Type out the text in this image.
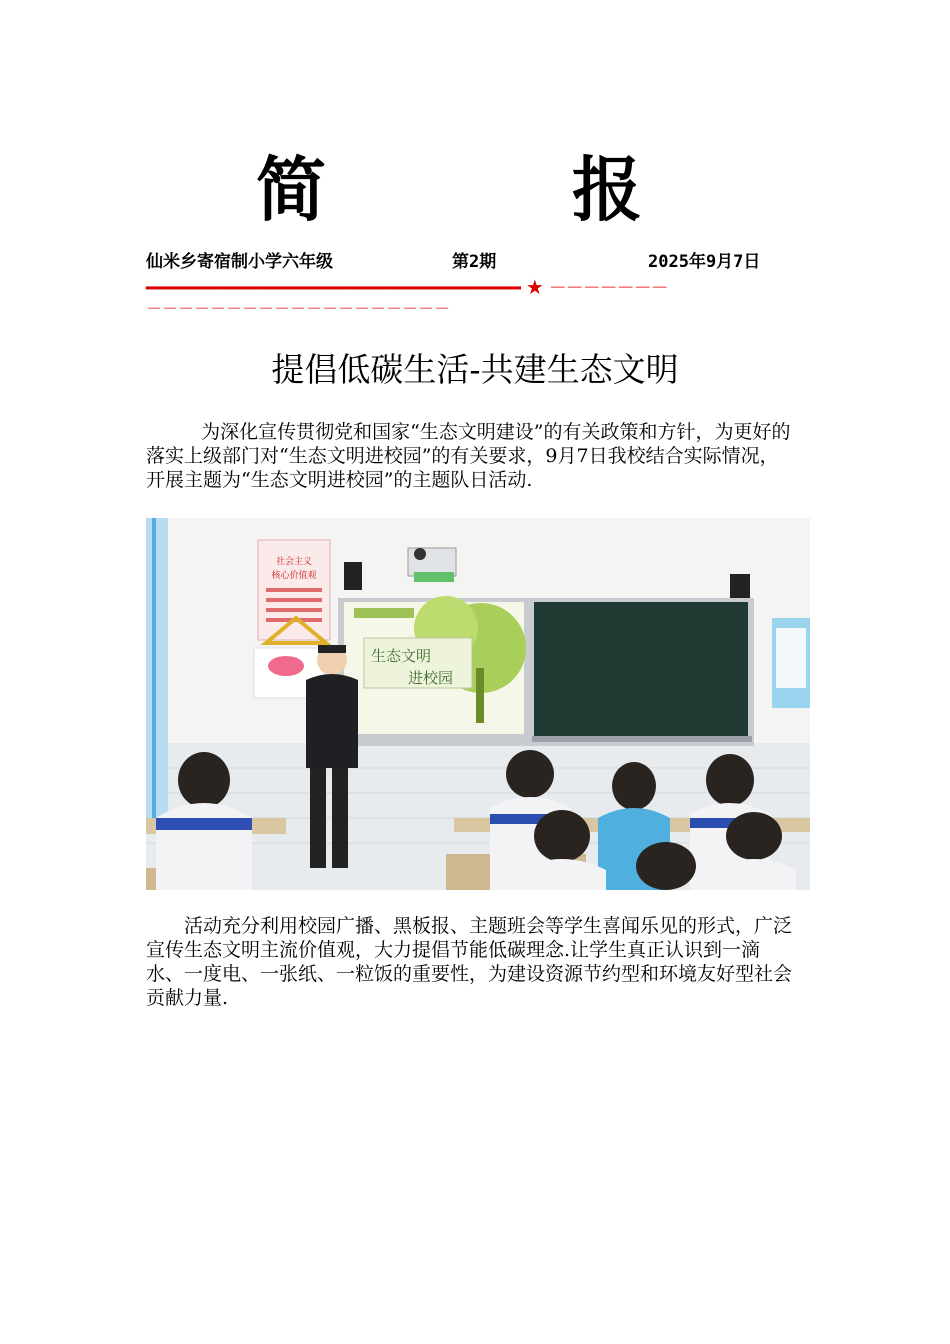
简　报
仙米乡寄宿制小学六年级	第2期	2025年9月7日
━━━━━━━━━━━━━━━━━━━━━━━━━━━━━━━━━━━━━━ ★ －－－－－－－
－－－－－－－－－－－－－－－－－－－
提倡低碳生活-共建生态文明

为深化宣传贯彻党和国家“生态文明建设”的有关政策和方针，为更好的落实上级部门对“生态文明进校园”的有关要求，9月7日我校结合实际情况，开展主题为“生态文明进校园”的主题队日活动.

社会主义
核心价值观
生态文明
进校园

活动充分利用校园广播、黑板报、主题班会等学生喜闻乐见的形式，广泛宣传生态文明主流价值观，大力提倡节能低碳理念.让学生真正认识到一滴水、一度电、一张纸、一粒饭的重要性，为建设资源节约型和环境友好型社会贡献力量.
